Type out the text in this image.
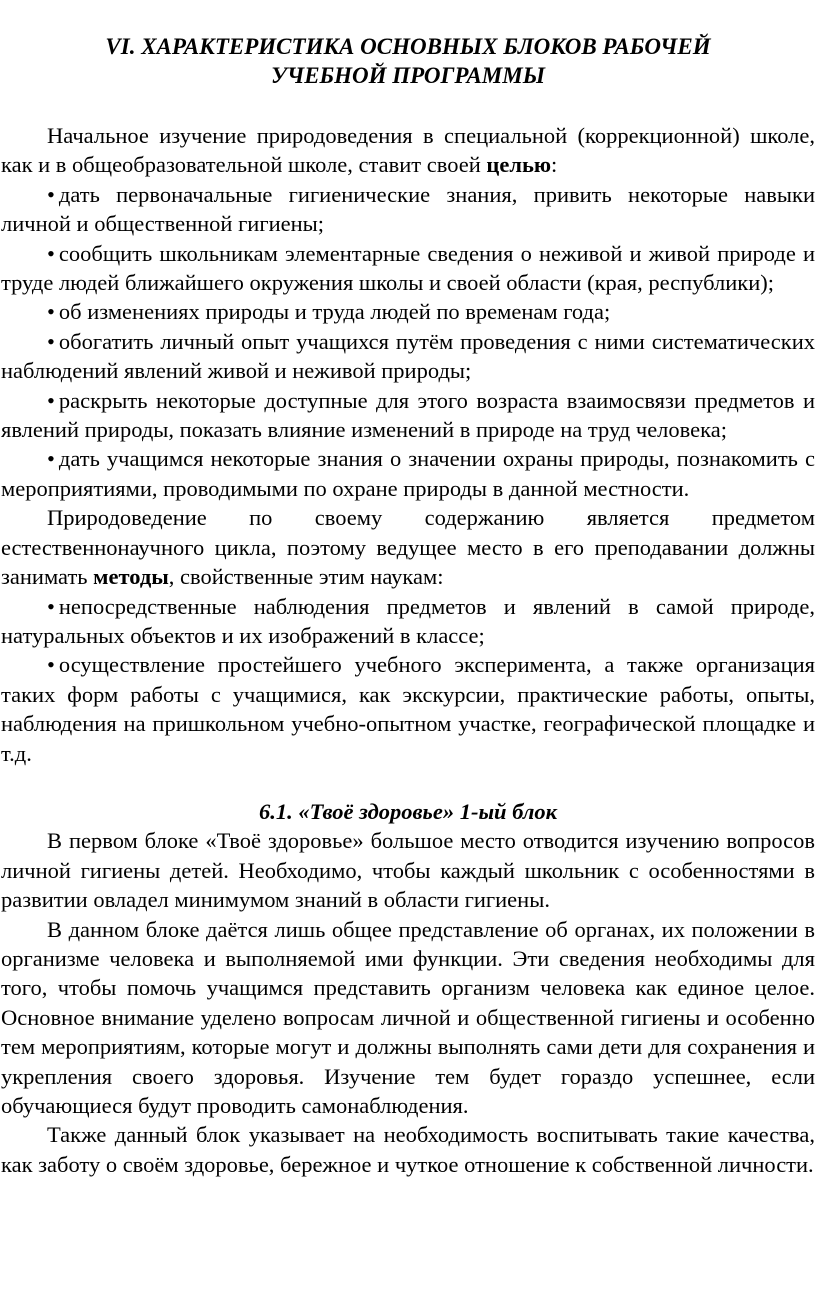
VI. ХАРАКТЕРИСТИКА ОСНОВНЫХ БЛОКОВ РАБОЧЕЙ
УЧЕБНОЙ ПРОГРАММЫ

Начальное изучение природоведения в специальной (коррекционной) школе, как и в общеобразовательной школе, ставит своей целью:

• дать первоначальные гигиенические знания, привить некоторые навыки личной и общественной гигиены;

• сообщить школьникам элементарные сведения о неживой и живой природе и труде людей ближайшего окружения школы и своей области (края, республики);

• об изменениях природы и труда людей по временам года;

• обогатить личный опыт учащихся путём проведения с ними систематических наблюдений явлений живой и неживой природы;

• раскрыть некоторые доступные для этого возраста взаимосвязи предметов и явлений природы, показать влияние изменений в природе на труд человека;

• дать учащимся некоторые знания о значении охраны природы, познакомить с мероприятиями, проводимыми по охране природы в данной местности.

Природоведение по своему содержанию является предметом естественнонаучного цикла, поэтому ведущее место в его преподавании должны занимать методы, свойственные этим наукам:

• непосредственные наблюдения предметов и явлений в самой природе, натуральных объектов и их изображений в классе;

• осуществление простейшего учебного эксперимента, а также организация таких форм работы с учащимися, как экскурсии, практические работы, опыты, наблюдения на пришкольном учебно-опытном участке, географической площадке и т.д.

6.1. «Твоё здоровье» 1-ый блок

В первом блоке «Твоё здоровье» большое место отводится изучению вопросов личной гигиены детей. Необходимо, чтобы каждый школьник с особенностями в развитии овладел минимумом знаний в области гигиены.

В данном блоке даётся лишь общее представление об органах, их положении в организме человека и выполняемой ими функции. Эти сведения необходимы для того, чтобы помочь учащимся представить организм человека как единое целое. Основное внимание уделено вопросам личной и общественной гигиены и особенно тем мероприятиям, которые могут и должны выполнять сами дети для сохранения и укрепления своего здоровья. Изучение тем будет гораздо успешнее, если обучающиеся будут проводить самонаблюдения.

Также данный блок указывает на необходимость воспитывать такие качества, как заботу о своём здоровье, бережное и чуткое отношение к собственной личности.
